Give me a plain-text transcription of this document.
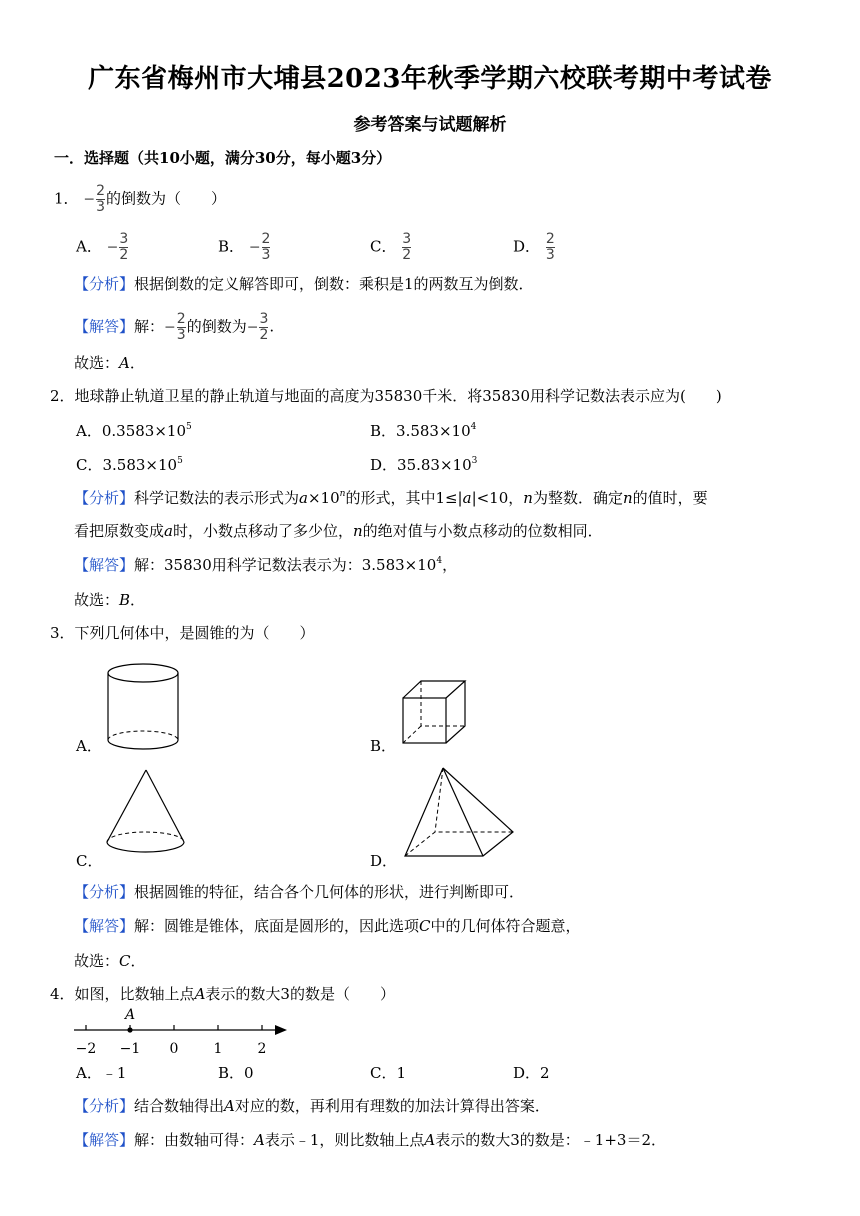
广东省梅州市大埔县2023年秋季学期六校联考期中考试卷
参考答案与试题解析
一．选择题（共10小题，满分30分，每小题3分）
1． − $\frac{2}{3}$ 的倒数为（　　）
A． − $\frac{3}{2}$	B． − $\frac{2}{3}$	C． $\frac{3}{2}$	D． $\frac{2}{3}$
【分析】根据倒数的定义解答即可，倒数：乘积是1的两数互为倒数．
【解答】解：− $\frac{2}{3}$ 的倒数为− $\frac{3}{2}$ .
故选：A．
2．地球静止轨道卫星的静止轨道与地面的高度为35830千米．将35830用科学记数法表示应为(　　)
A．$0.3583\times 10^5$	B．$3.583\times 10^4$
C．$3.583\times 10^5$	D．$35.83\times 10^3$
【分析】科学记数法的表示形式为$a\times 10^n$的形式，其中1≤|a|<10，n为整数．确定n的值时，要
看把原数变成a时，小数点移动了多少位，n的绝对值与小数点移动的位数相同．
【解答】解：35830用科学记数法表示为：$3.583\times 10^4$，
故选：B．
3．下列几何体中，是圆锥的为（　　）
A．	B．
C．	D．
【分析】根据圆锥的特征，结合各个几何体的形状，进行判断即可．
【解答】解：圆锥是锥体，底面是圆形的，因此选项C中的几何体符合题意，
故选：C．
4．如图，比数轴上点A表示的数大3的数是（　　）
A
−2 −1 0	1	2
A．﹣1	B．0	C．1	D．2
【分析】结合数轴得出A对应的数，再利用有理数的加法计算得出答案．
【解答】解：由数轴可得：A表示﹣1，则比数轴上点A表示的数大3的数是：﹣1+3＝2．
